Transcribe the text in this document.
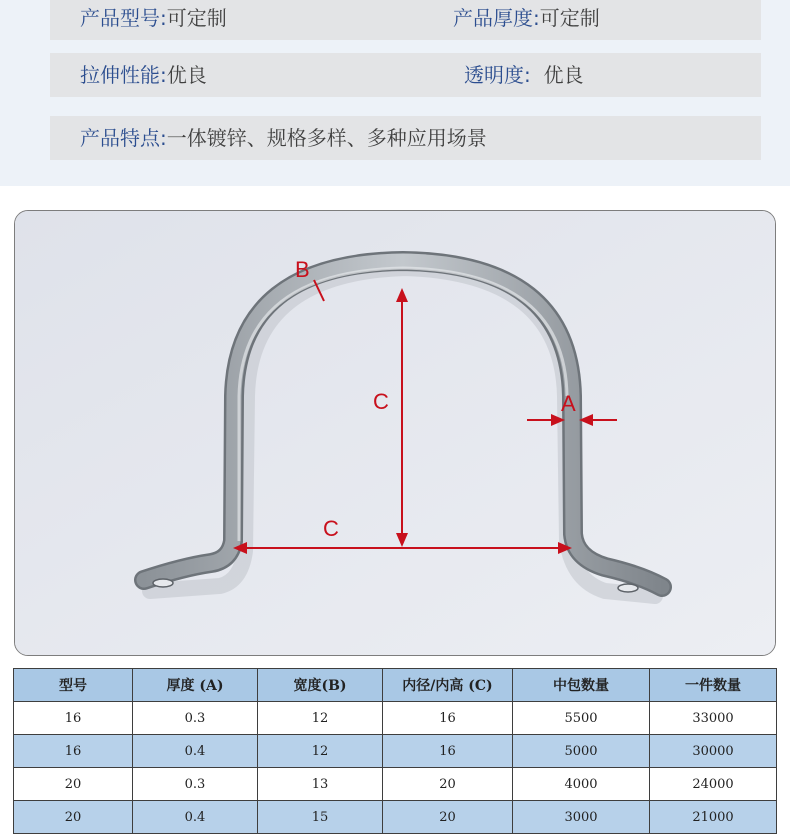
产品型号:可定制	产品厚度:可定制
拉伸性能:优良	透明度: 优良
产品特点:一体镀锌、规格多样、多种应用场景
B
C
C
A
型号	厚度 (A)	宽度(B)	内径/内高 (C)	中包数量	一件数量
16	0.3	12	16	5500	33000
16	0.4	12	16	5000	30000
20	0.3	13	20	4000	24000
20	0.4	15	20	3000	21000
